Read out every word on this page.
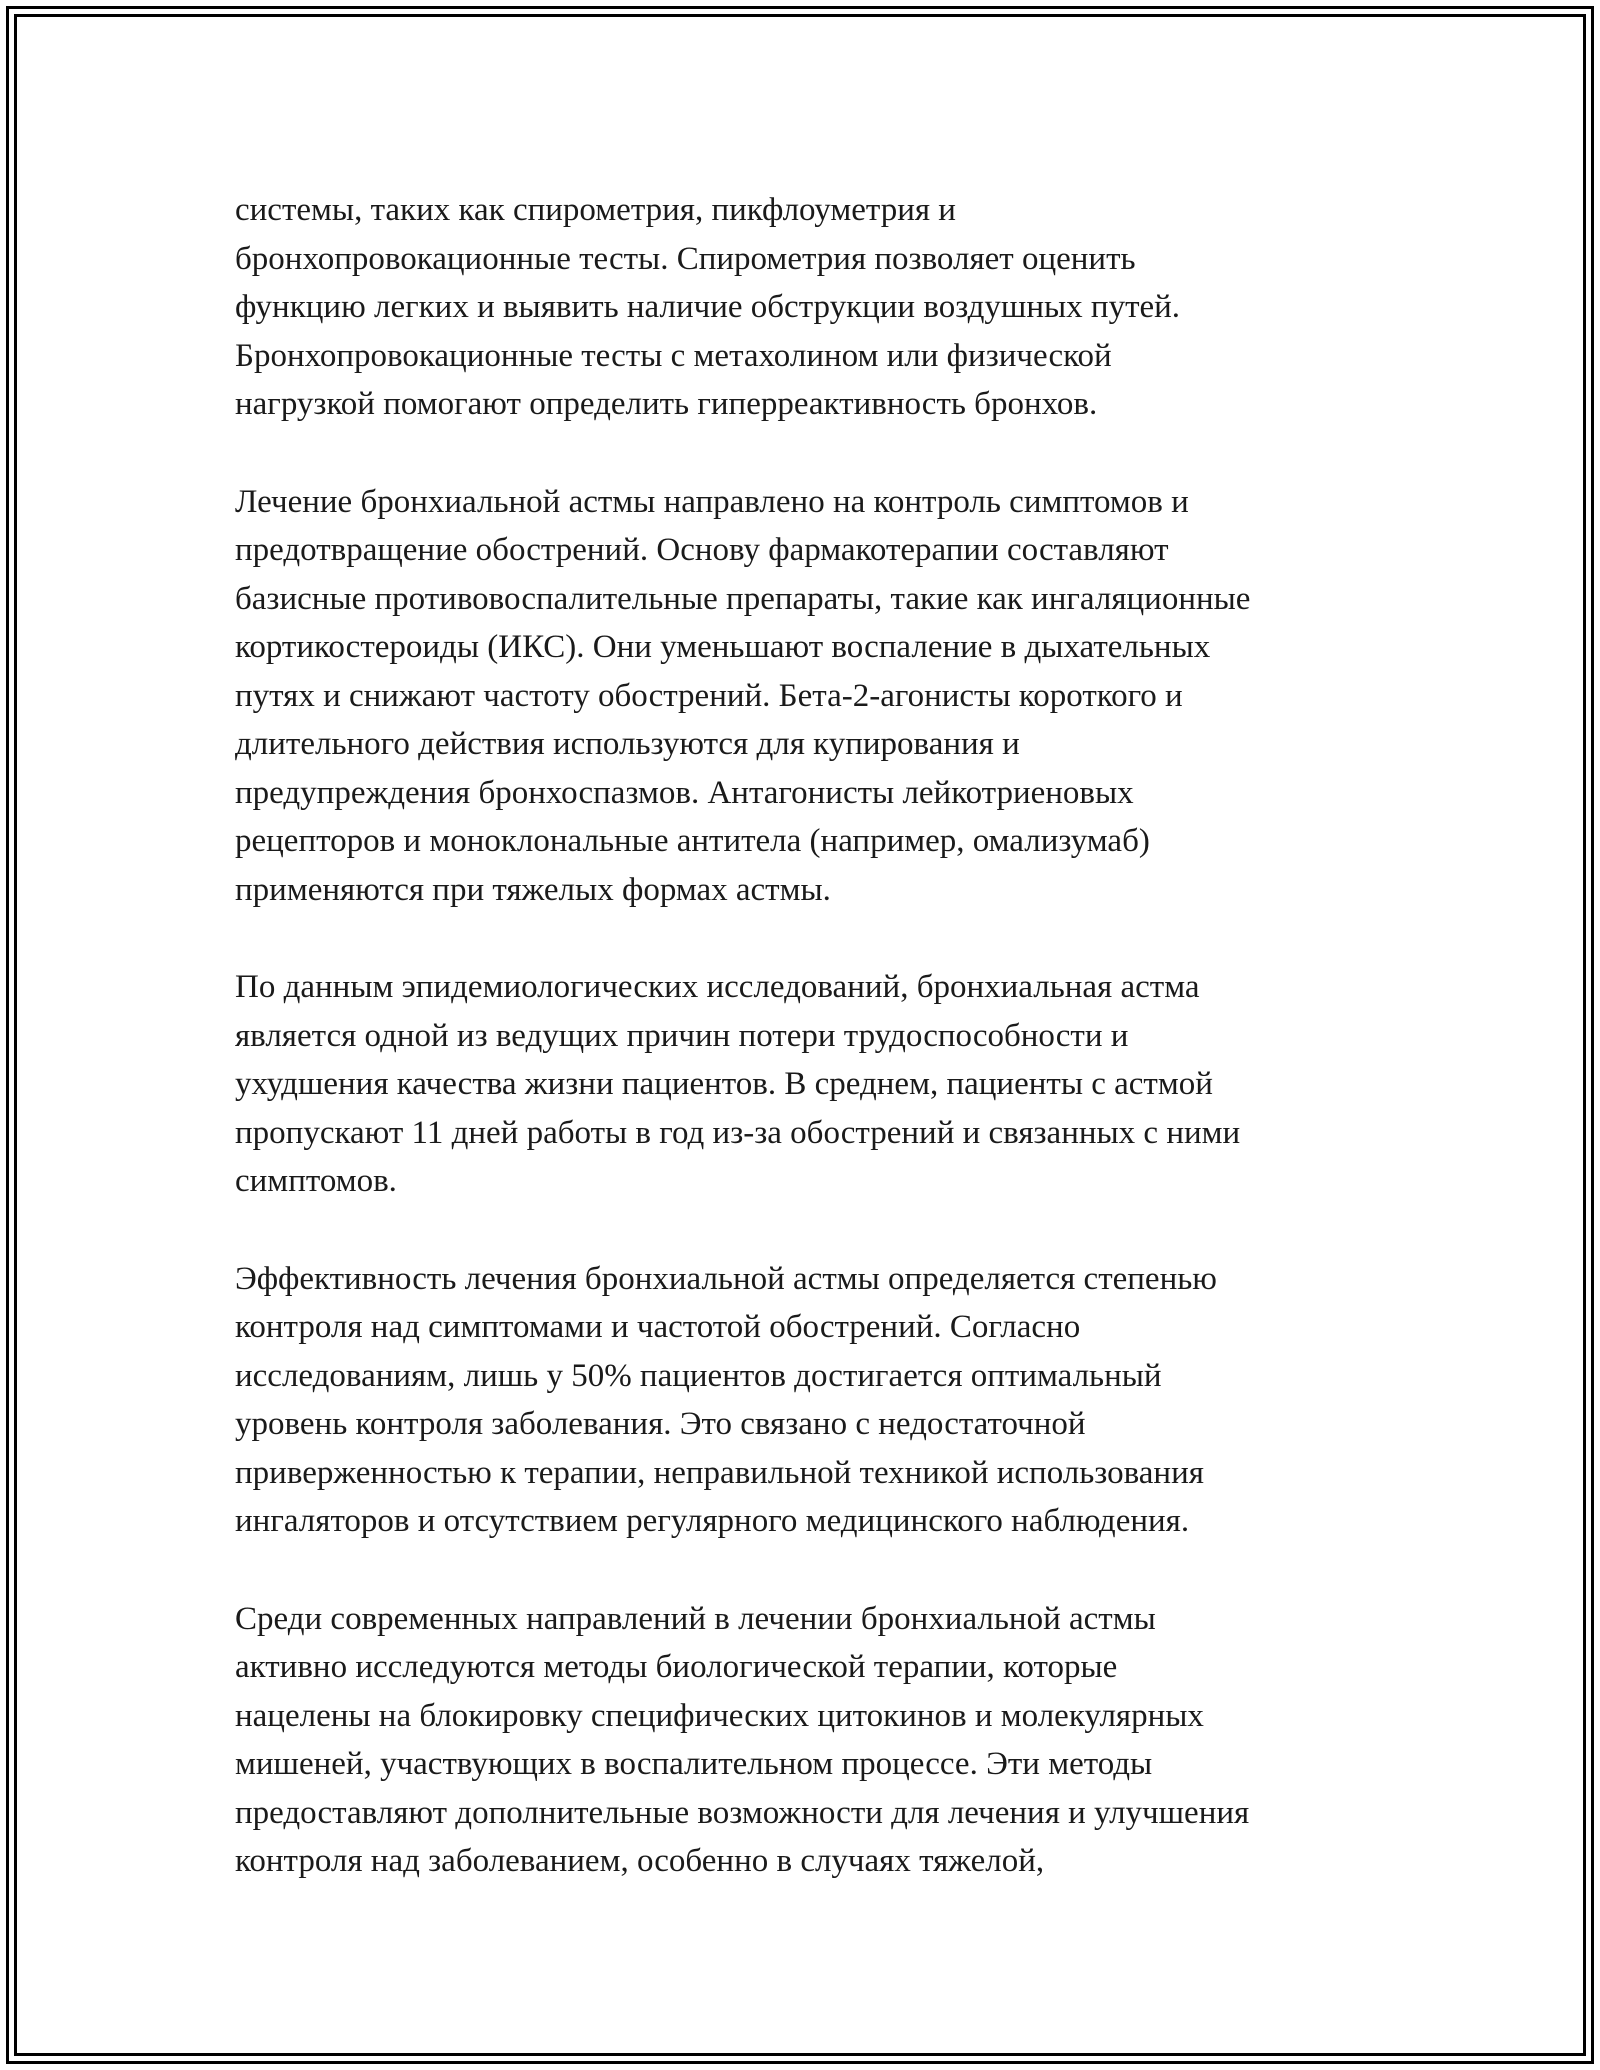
системы, таких как спирометрия, пикфлоуметрия и
бронхопровокационные тесты. Спирометрия позволяет оценить
функцию легких и выявить наличие обструкции воздушных путей.
Бронхопровокационные тесты с метахолином или физической
нагрузкой помогают определить гиперреактивность бронхов.

Лечение бронхиальной астмы направлено на контроль симптомов и
предотвращение обострений. Основу фармакотерапии составляют
базисные противовоспалительные препараты, такие как ингаляционные
кортикостероиды (ИКС). Они уменьшают воспаление в дыхательных
путях и снижают частоту обострений. Бета-2-агонисты короткого и
длительного действия используются для купирования и
предупреждения бронхоспазмов. Антагонисты лейкотриеновых
рецепторов и моноклональные антитела (например, омализумаб)
применяются при тяжелых формах астмы.

По данным эпидемиологических исследований, бронхиальная астма
является одной из ведущих причин потери трудоспособности и
ухудшения качества жизни пациентов. В среднем, пациенты с астмой
пропускают 11 дней работы в год из-за обострений и связанных с ними
симптомов.

Эффективность лечения бронхиальной астмы определяется степенью
контроля над симптомами и частотой обострений. Согласно
исследованиям, лишь у 50% пациентов достигается оптимальный
уровень контроля заболевания. Это связано с недостаточной
приверженностью к терапии, неправильной техникой использования
ингаляторов и отсутствием регулярного медицинского наблюдения.

Среди современных направлений в лечении бронхиальной астмы
активно исследуются методы биологической терапии, которые
нацелены на блокировку специфических цитокинов и молекулярных
мишеней, участвующих в воспалительном процессе. Эти методы
предоставляют дополнительные возможности для лечения и улучшения
контроля над заболеванием, особенно в случаях тяжелой,
